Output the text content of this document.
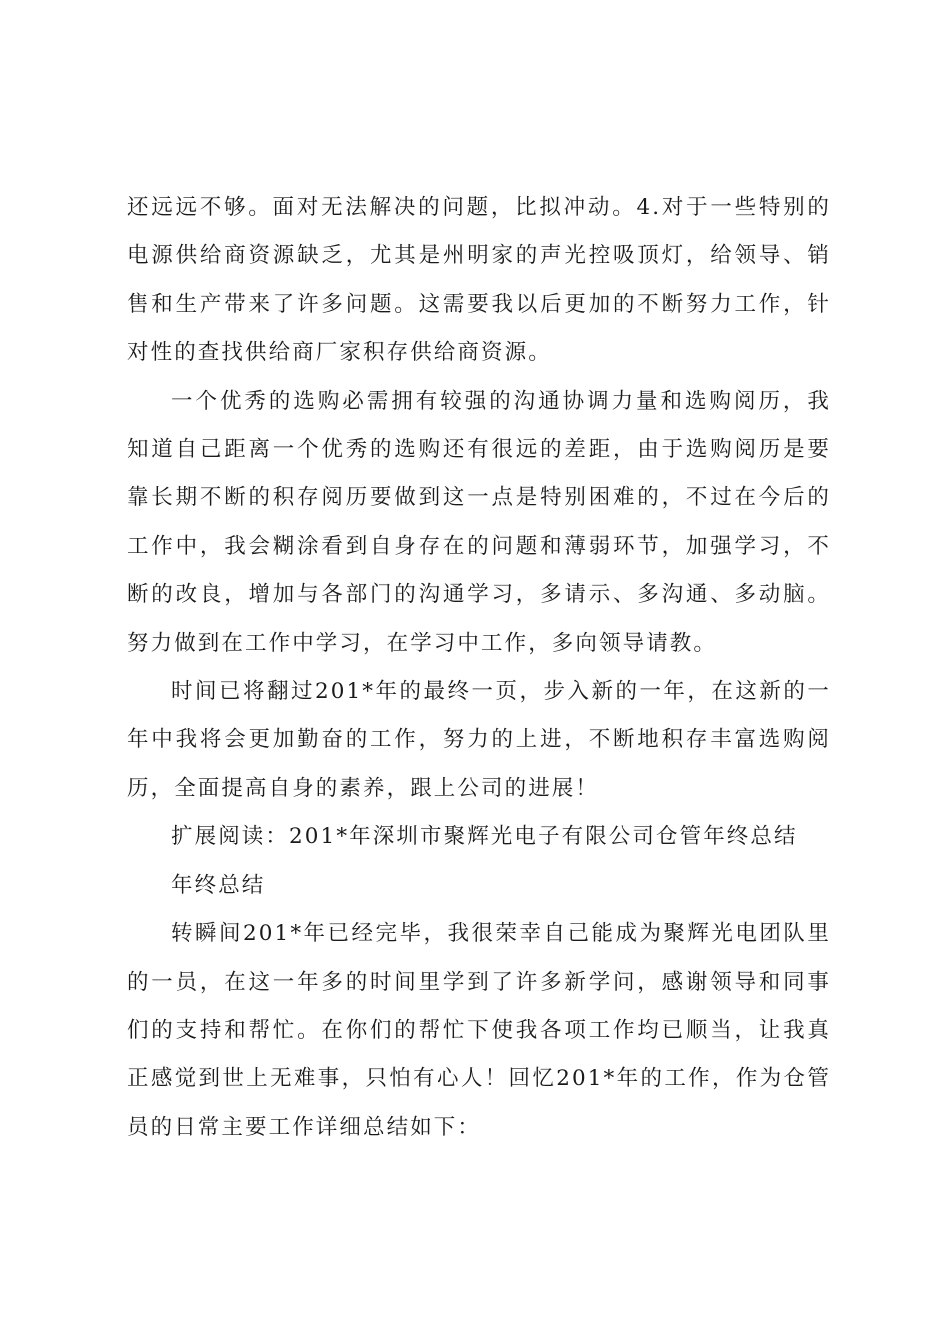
还远远不够。面对无法解决的问题，比拟冲动。4.对于一些特别的电源供给商资源缺乏，尤其是州明家的声光控吸顶灯，给领导、销售和生产带来了许多问题。这需要我以后更加的不断努力工作，针对性的查找供给商厂家积存供给商资源。

一个优秀的选购必需拥有较强的沟通协调力量和选购阅历，我知道自己距离一个优秀的选购还有很远的差距，由于选购阅历是要靠长期不断的积存阅历要做到这一点是特别困难的，不过在今后的工作中，我会糊涂看到自身存在的问题和薄弱环节，加强学习，不断的改良，增加与各部门的沟通学习，多请示、多沟通、多动脑。努力做到在工作中学习，在学习中工作，多向领导请教。

时间已将翻过201*年的最终一页，步入新的一年，在这新的一年中我将会更加勤奋的工作，努力的上进，不断地积存丰富选购阅历，全面提高自身的素养，跟上公司的进展！

扩展阅读：201*年深圳市聚辉光电子有限公司仓管年终总结

年终总结

转瞬间201*年已经完毕，我很荣幸自己能成为聚辉光电团队里的一员，在这一年多的时间里学到了许多新学问，感谢领导和同事们的支持和帮忙。在你们的帮忙下使我各项工作均已顺当，让我真正感觉到世上无难事，只怕有心人！回忆201*年的工作，作为仓管员的日常主要工作详细总结如下：
